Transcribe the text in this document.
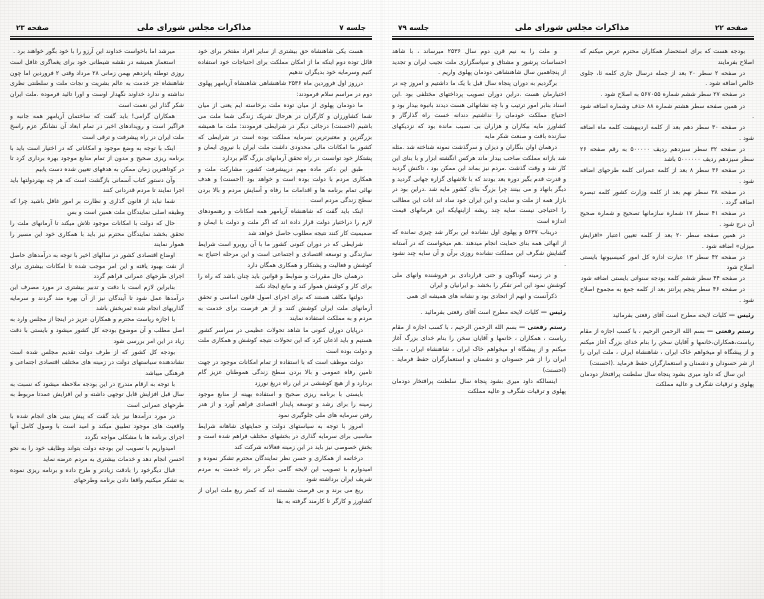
صفحه ۲۳	مذاکرات مجلس شورای ملی	جلسه ۷

هست یکی شاهنشاه حق بیشتری از سایر افراد مفتخر برای خود قائل توده دوم اینکه ما از امکان مملکت برای احتیاجات خود استفاده کنیم وسرمایه خود بدیگران ندهیم

درروز اول فروردین ماه ۲۵۳۶ شاهنشاهی شاهنشاه آریامهر پهلوی دوم در مراسم سلام فرمودند:

ما دودمان پهلوی از میان توده ملت برخاسته ایم یعنی از میان شما کشاورزان و کارگران در هرحال شریک زندگی شما ملت می باشیم (احسنت) درجائی دیگر در شرایطی فرمودند: ملت ما همیشه بزرگترین و معتبرترین سرمایه مملکت بوده است در شرایطی که کشور ما امکانات مالی محدودی داشت ملت ایران با نیروی ایمان و پشتکار خود توانست در راه تحقق آرمانهای بزرگ گام بردارد

طبق این دکتر ماده مهم درپیشرفت کشور، مشارکت ملت و همکاری مردم با دولت بوده است و خواهد بود (احسنت) و هدف نهائی تمام برنامه ها و اقدامات ما رفاه و آسایش مردم و بالا بردن سطح زندگی مردم است

اینک باید گفت که شاهنشاه آریامهر همه امکانات و رهنمودهای لازم را دراختیار دولت قرار داده اند که اگر ملت و دولت با ایمان و صمیمیت کار کنند نتیجه مطلوب حاصل خواهد شد

شرایطی که در دوران کنونی کشور ما با آن روبرو است شرایط سازندگی و توسعه اقتصادی و اجتماعی است و این مرحله احتیاج به کوشش و فعالیت و پشتکار و همکاری همگان دارد

درهمان حال مقررات و ضوابط و قوانین باید چنان باشد که راه را برای کار و کوشش هموار کند و مانع ایجاد نکند

دولتها مکلف هستند که برای اجرای اصول قانون اساسی و تحقق آرمانهای ملت ایران کوشش کنند و از هر فرصت برای خدمت به مردم و به مملکت استفاده نمایند

درپایان دوران کنونی ما شاهد تحولات عظیمی در سراسر کشور هستیم و باید اذعان کرد که این تحولات نتیجه کوشش و همکاری ملت و دولت بوده است

دولت موظف است که با استفاده از تمام امکانات موجود در جهت تامین رفاه عمومی و بالا بردن سطح زندگی هموطنان عزیز گام بردارد و از هیچ کوششی در این راه دریغ نورزد

بایستی با برنامه ریزی صحیح و استفاده بهینه از منابع موجود زمینه را برای رشد و توسعه پایدار اقتصادی فراهم آورد و از هدر رفتن سرمایه های ملی جلوگیری نمود

امروز با توجه به سیاستهای دولت و حمایتهای شاهانه شرایط مناسبی برای سرمایه گذاری در بخشهای مختلف فراهم شده است و بخش خصوصی نیز باید در این زمینه فعالانه شرکت کند

درخاتمه از همکاری و حسن نظر نمایندگان محترم تشکر نموده و امیدوارم با تصویب این لایحه گامی دیگر در راه خدمت به مردم شریف ایران برداشته شود

ربع می برند و بی فرصت نشسته اند که کمتر ربع ملت ایران از کشاورز و کارگر تا کارمند گرفته به بقا

میرشد اما باخواست خداوند این آرزو را با خود بگور خواهند برد .

استعمار همیشه در نقشه شیطانی خود برای یغماگری غافل است روزی توطئه پانزدهم بهمن زمانی ۲۸ مرداد وقتی ۲ فروردین اما چون شاهنشاه جز خدمت به عالم بشریت و نجات ملت و سلطنتی نظری نداشته و ندارد خداوند نگهدار اوست و اورا تائید فرموده .ملت ایران شکر گذار این نعمت است

همکاران گرامی! باید گفت که ساختمان آریامهر همه جانبه و فراگیر است و رویدادهای اخیر در تمام ابعاد آن نشانگر عزم راسخ ملت ایران در راه پیشرفت و ترقی است

اینک با توجه به وضع موجود و امکاناتی که در اختیار است باید با برنامه ریزی صحیح و مدون از تمام منابع موجود بهره برداری کرد تا در کوتاهترین زمان ممکن به هدفهای تعیین شده دست یابیم

وآن دستور کتاب آسمانی بازگشت است که هر چه بهتردولتها باید اجرا نمایند تا مردم قدردانی کنند

شما نباید از قانون گذاری و نظارت بر امور غافل باشید چرا که وظیفه اصلی نمایندگان ملت همین است و بس

حال که دولت با امکانات موجود تلاش میکند تا آرمانهای ملت را تحقق بخشد نمایندگان محترم نیز باید با همکاری خود این مسیر را هموار نمایند

اوضاع اقتصادی کشور در سالهای اخیر با توجه به درآمدهای حاصل از نفت بهبود یافته و این امر موجب شده تا امکانات بیشتری برای اجرای طرحهای عمرانی فراهم گردد

بنابراین لازم است با دقت و تدبیر بیشتری در مورد مصرف این درآمدها عمل شود تا آیندگان نیز از آن بهره مند گردند و سرمایه گذاریهای انجام شده ثمربخش باشد

با اجازه ریاست محترم و همکاران عزیز در اینجا از مجلس وارد به اصل مطلب و آن موضوع بودجه کل کشور میشود و بایستی با دقت زیاد در این امر بررسی شود

بودجه کل کشور که از طرف دولت تقدیم مجلس شده است نشاندهنده سیاستهای دولت در زمینه های مختلف اقتصادی اجتماعی و فرهنگی میباشد

با توجه به ارقام مندرج در این بودجه ملاحظه میشود که نسبت به سال قبل افزایش قابل توجهی داشته و این افزایش عمدتا مربوط به طرحهای عمرانی است

در مورد درآمدها نیز باید گفت که پیش بینی های انجام شده با واقعیت های موجود تطبیق میکند و امید است با وصول کامل آنها اجرای برنامه ها با مشکلی مواجه نگردد

امیدواریم با تصویب این بودجه دولت بتواند وظایف خود را به نحو احسن انجام دهد و خدمات بیشتری به مردم عرضه نماید

قبال دیگرخود را بادقت زیادتر و طرح داده و برنامه ریزی نموده به تشکر میکنیم واقعا دادن برنامه وطرحهای

جلسه ۷۹	مذاکرات مجلس شورای ملی	صفحه ۲۲

بودجه هست که برای استحضار همکاران محترم عرض میکنم که اصلاح بفرمایند

در صفحه ۲ سطر ۲۰ بعد از جمله درسال جاری کلمه ثا، جلوی خالص اضافه شود .

در صفحه ۲۷ سطر ششم شماره ۵۶۷۰۵۵ به اصلاح شود .

در همین صفحه سطر هشتم شماره ۸۸ حذف وشماره اضافه شود .

در صفحه ۳۰ سطر دهم بعد از کلمه اردیبهشت کلمه ماه اضافه شود .

در صفحه ۳۲ سطر سیزدهم ردیف ۵۰۰۰۰۰ به رقم صفحه ۲۶ سطر سیزدهم ردیف ۵۰۰۰۰۰۰ باشد

در صفحه ۳۶ سطر ۸ بعد از کلمه عمرانی کلمه طرحهای اضافه شود .

در صفحه ۳۸ سطر نهم بعد از کلمه وزارت کشور کلمه تبصره اضافه گردد .

در صفحه ۴۱ سطر ۱۷ شماره سازمانها تصحیح و شماره صحیح آن درج شود .

در همین صفحه سطر ۲۰ بعد از کلمه تعیین اعتبار «افزایش میزان» اضافه شود .

در صفحه ۴۲ سطر ۱۳ عبارت اداره کل امور کمیسیونها بایستی اصلاح شود

در صفحه ۴۴ سطر ششم کلمه بودجه سنواتی بایستی اضافه شود

در صفحه ۴۶ سطر پنجم پرانتز بعد از کلمه جمع به مجموع اصلاح شود .

رئیس — کلیات لایحه مطرح است آقای رفعتی بفرمائید

رستم رفعتی — بسم الله الرحمن الرحیم ، با کسب اجازه از مقام ریاست،همکاران،خانمها و آقایان سخن را بنام خدای بزرگ آغاز میکنم و از پیشگاه او میخواهم خاک ایران ، شاهنشاه ایران ، ملت ایران را از شر حسودان و دشمنان و استعمارگران حفظ فرماید .(احسنت)

این سال که داود میری بشود پنجاه سال سلطنت پرافتخار دودمان پهلوی و ترقیات شگرف و عالیه مملکت

و ملت را به نیم قرن دوم سال ۲۵۳۶ میرساند ، با شاهد احساسات پرشور و مشتاق و سپاسگزاری ملت نجیب ایران و تجدید از پنجاهمین سال شاهنشاهی دودمان پهلوی واریم .

برگردیم به دوران پنجاه سال قبل با یک ما داشتیم و امروز چه در اختیارمان هست .دراین دوران تصویب پرداختهای مختلفی بود .این اسناد بنابر امور ترتیب و با چه نشانهائی هست دیدند بانبوه بیدار بود و احتیاج مملکت خودمان را نداشتیم دندانه خست راه گذارگار و کشاورز مایه بیکاران و هزاران بی نصیب مانده بود که نزدیکهای سازنده بافت و صنعت شکر مایه

درهمان اوان بنگاران و دیزان و سرگذشت نمونه شناخته شد .مثله شد بازانه مملکت صاحب بیدار ماند هرکس انگشته ابزار و با بنای این کار شد و وقت گذشت .مردم نیز بماند این ممکن بود ، تاکنش گردید و قدرت قدم بگیر دوره بعد بودند که با تلاشهای گزاره جهانی گردید و دیگر بانهاد و می بینند چرا بزرگ بنای کشور مایه شد .دراین بود در بازار همه از ملت و سایت و این ایران خود ساد اند انات این مطالب را احتیاجی نیست سایه چند ریشه ازاینهایکه این فرمانهای قیمت اندازه است

دریناب ۵۶۳۷ و پهلوی اول نشانده این برکار شد چیزی نمانده که از انهائی همه بنای حمایت انجام میدهند .هم میخواست که در آستانه گشایش شگرف این مملکت نشانده روزی برآن و آن سایه چند نشود .

و در زمینه گوناگون و حتی قراردادی بر فروشنده وانهای ملی کوشش نمود این امر تفکر را بخشد .و ایرانیان و ایران

ذکرآنست و انهم از اتحادی بود و نشانه های همیشه ای همی

رئیس — کلیات لایحه مطرح است آقای رفعتی بفرمائید .

رستم رفعتی — بسم الله الرحمن الرحیم ، با کسب اجازه از مقام ریاست ، همکاران ، خانمها و آقایان سخن را بنام خدای بزرگ آغاز میکنم و از پیشگاه او میخواهم خاک ایران ، شاهنشاه ایران ، ملت ایران را از شر حسودان و دشمنان و استعمارگران حفظ فرماید .(احسنت)

اینسالکه داود میری بشود پنجاه سال سلطنت پرافتخار دودمان پهلوی و ترقیات شگرف و عالیه مملکت
